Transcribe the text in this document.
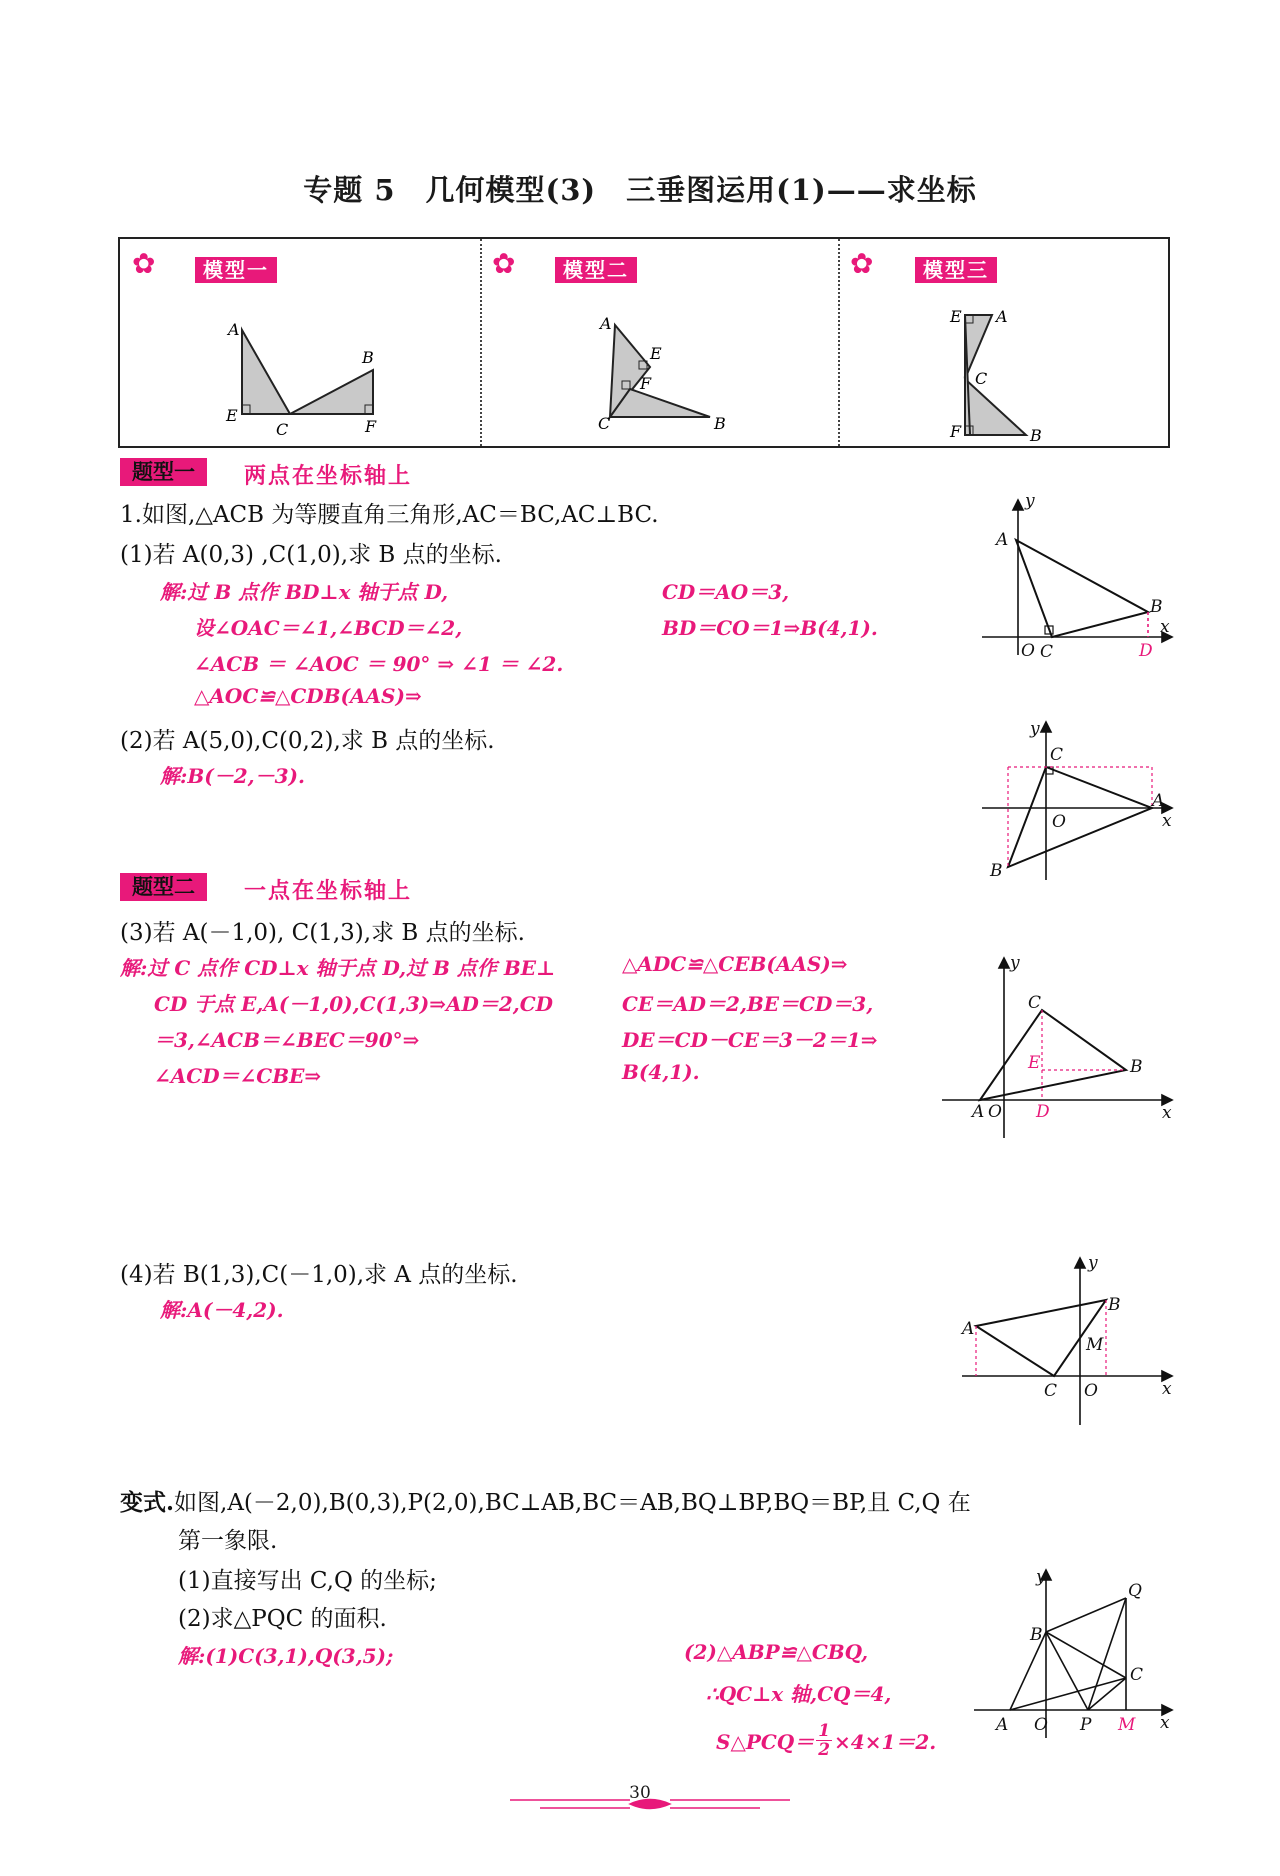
专题 5　几何模型(3)　三垂图运用(1)——求坐标
✿	模型一	✿	模型二	✿	模型三
A
B
C
E
F
A
E
F
C	B
E A
C
F	B
题型一	两点在坐标轴上
1.如图,△ACB 为等腰直角三角形,AC＝BC,AC⊥BC.
(1)若 A(0,3) ,C(1,0),求 B 点的坐标.
解:过 B 点作 BD⊥x 轴于点 D,
设∠OAC＝∠1,∠BCD＝∠2,
∠ACB ＝ ∠AOC ＝ 90° ⇒ ∠1 ＝ ∠2.
△AOC≌△CDB(AAS)⇒
CD＝AO＝3,
BD＝CO＝1⇒B(4,1).
(2)若 A(5,0),C(0,2),求 B 点的坐标.
解:B(－2,－3).
题型二	一点在坐标轴上
(3)若 A(－1,0), C(1,3),求 B 点的坐标.
解:过 C 点作 CD⊥x 轴于点 D,过 B 点作 BE⊥
CD 于点 E,A(－1,0),C(1,3)⇒AD＝2,CD
＝3,∠ACB＝∠BEC＝90°⇒
∠ACD＝∠CBE⇒
△ADC≌△CEB(AAS)⇒
CE＝AD＝2,BE＝CD＝3,
DE＝CD－CE＝3－2＝1⇒
B(4,1).
(4)若 B(1,3),C(－1,0),求 A 点的坐标.
解:A(－4,2).
变式.如图,A(－2,0),B(0,3),P(2,0),BC⊥AB,BC＝AB,BQ⊥BP,BQ＝BP,且 C,Q 在
第一象限.
(1)直接写出 C,Q 的坐标;
(2)求△PQC 的面积.
解:(1)C(3,1),Q(3,5);	(2)△ABP≌△CBQ,
∴QC⊥x 轴,CQ＝4,
S△PCQ＝ $\frac{1}{2} \times 4\times 1=2$.
y
x
A
B
O C	D
y
x
A
B
O
C
y
x
A O
B
C
E
D
y
x
A
B
C O
M
y
x
A O P M
B
C
Q
30
